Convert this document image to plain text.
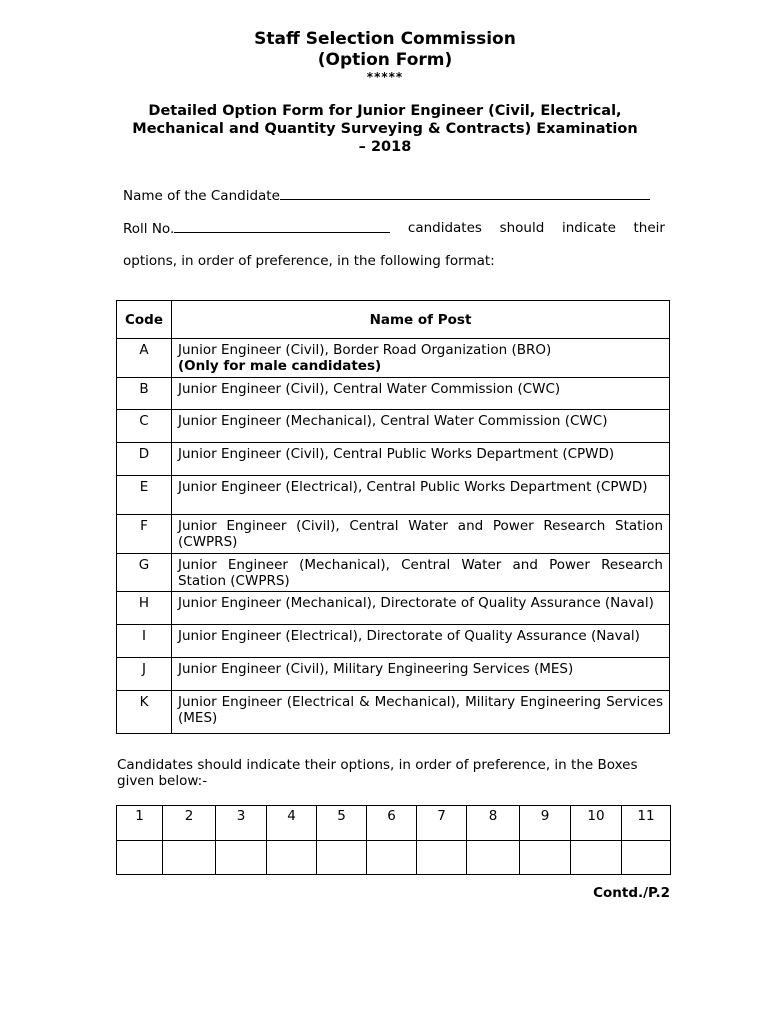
Staff Selection Commission
(Option Form)
*****
Detailed Option Form for Junior Engineer (Civil, Electrical,
Mechanical and Quantity Surveying & Contracts) Examination
– 2018
Name of the Candidate
Roll No.	candidates should indicate their
options, in order of preference, in the following format:
Code	Name of Post
A	Junior Engineer (Civil), Border Road Organization (BRO)
(Only for male candidates)

B	Junior Engineer (Civil), Central Water Commission (CWC)
C	Junior Engineer (Mechanical), Central Water Commission (CWC)
D	Junior Engineer (Civil), Central Public Works Department (CPWD)
E	Junior Engineer (Electrical), Central Public Works Department (CPWD)
F	Junior Engineer (Civil), Central Water and Power Research Station (CWPRS)
G	Junior Engineer (Mechanical), Central Water and Power Research Station (CWPRS)
H	Junior Engineer (Mechanical), Directorate of Quality Assurance (Naval)
I	Junior Engineer (Electrical), Directorate of Quality Assurance (Naval)
J	Junior Engineer (Civil), Military Engineering Services (MES)
K	Junior Engineer (Electrical & Mechanical), Military Engineering Services (MES)
Candidates should indicate their options, in order of preference, in the Boxes given below:-
1	2	3	4	5	6	7	8	9	10	11

Contd./P.2
